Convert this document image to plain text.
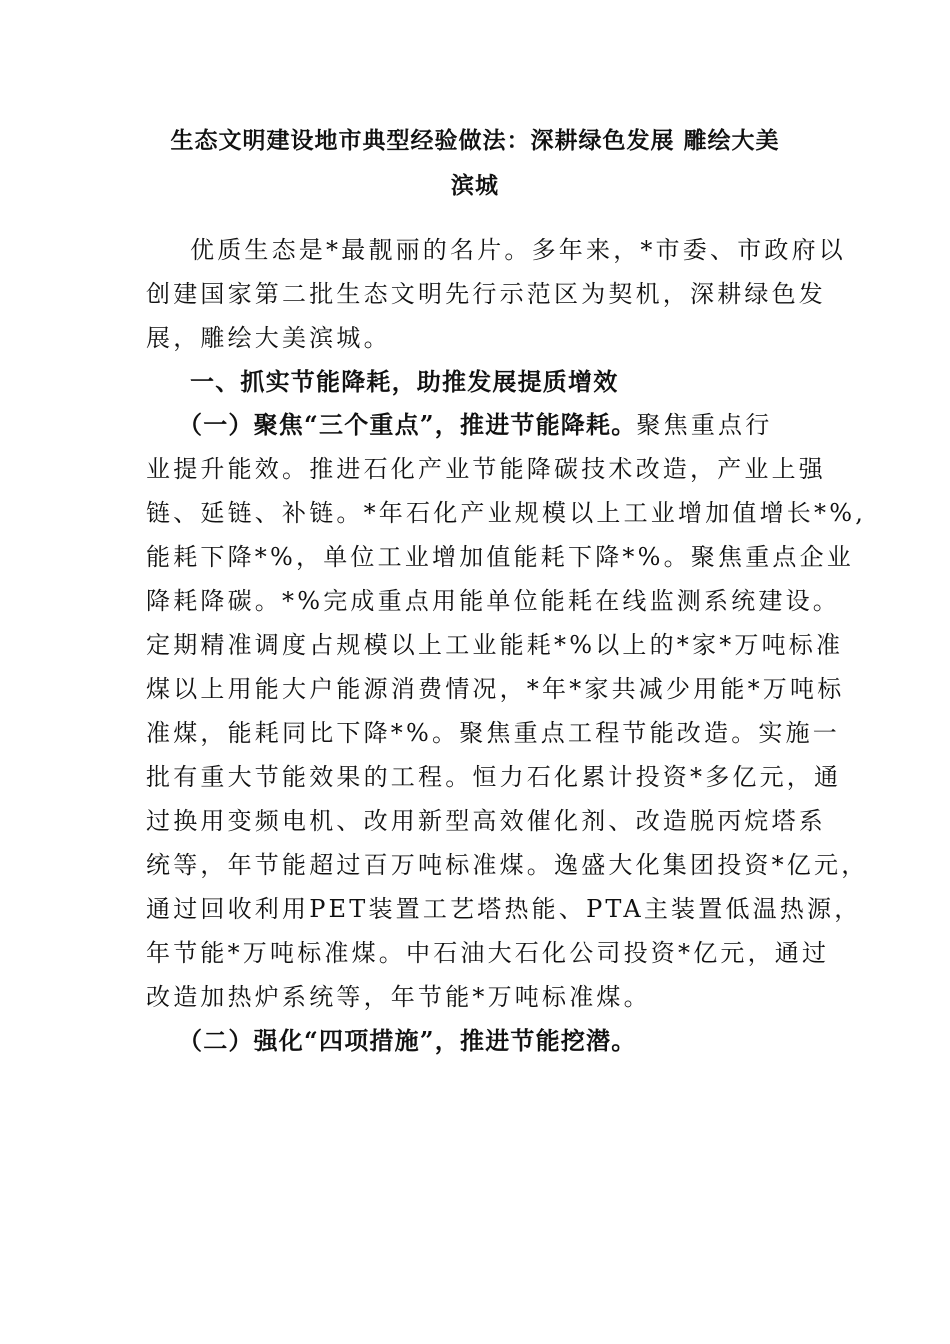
生态文明建设地市典型经验做法：深耕绿色发展 雕绘大美
滨城
优质生态是*最靓丽的名片。多年来，*市委、市政府以
创建国家第二批生态文明先行示范区为契机，深耕绿色发
展，雕绘大美滨城。
一、抓实节能降耗，助推发展提质增效
（一）聚焦“三个重点”，推进节能降耗。聚焦重点行
业提升能效。推进石化产业节能降碳技术改造，产业上强
链、延链、补链。*年石化产业规模以上工业增加值增长*%,
能耗下降*%，单位工业增加值能耗下降*%。聚焦重点企业
降耗降碳。*%完成重点用能单位能耗在线监测系统建设。
定期精准调度占规模以上工业能耗*%以上的*家*万吨标准
煤以上用能大户能源消费情况，*年*家共减少用能*万吨标
准煤，能耗同比下降*%。聚焦重点工程节能改造。实施一
批有重大节能效果的工程。恒力石化累计投资*多亿元，通
过换用变频电机、改用新型高效催化剂、改造脱丙烷塔系
统等，年节能超过百万吨标准煤。逸盛大化集团投资*亿元，
通过回收利用PET装置工艺塔热能、PTA主装置低温热源，
年节能*万吨标准煤。中石油大石化公司投资*亿元，通过
改造加热炉系统等，年节能*万吨标准煤。
（二）强化“四项措施”，推进节能挖潜。
